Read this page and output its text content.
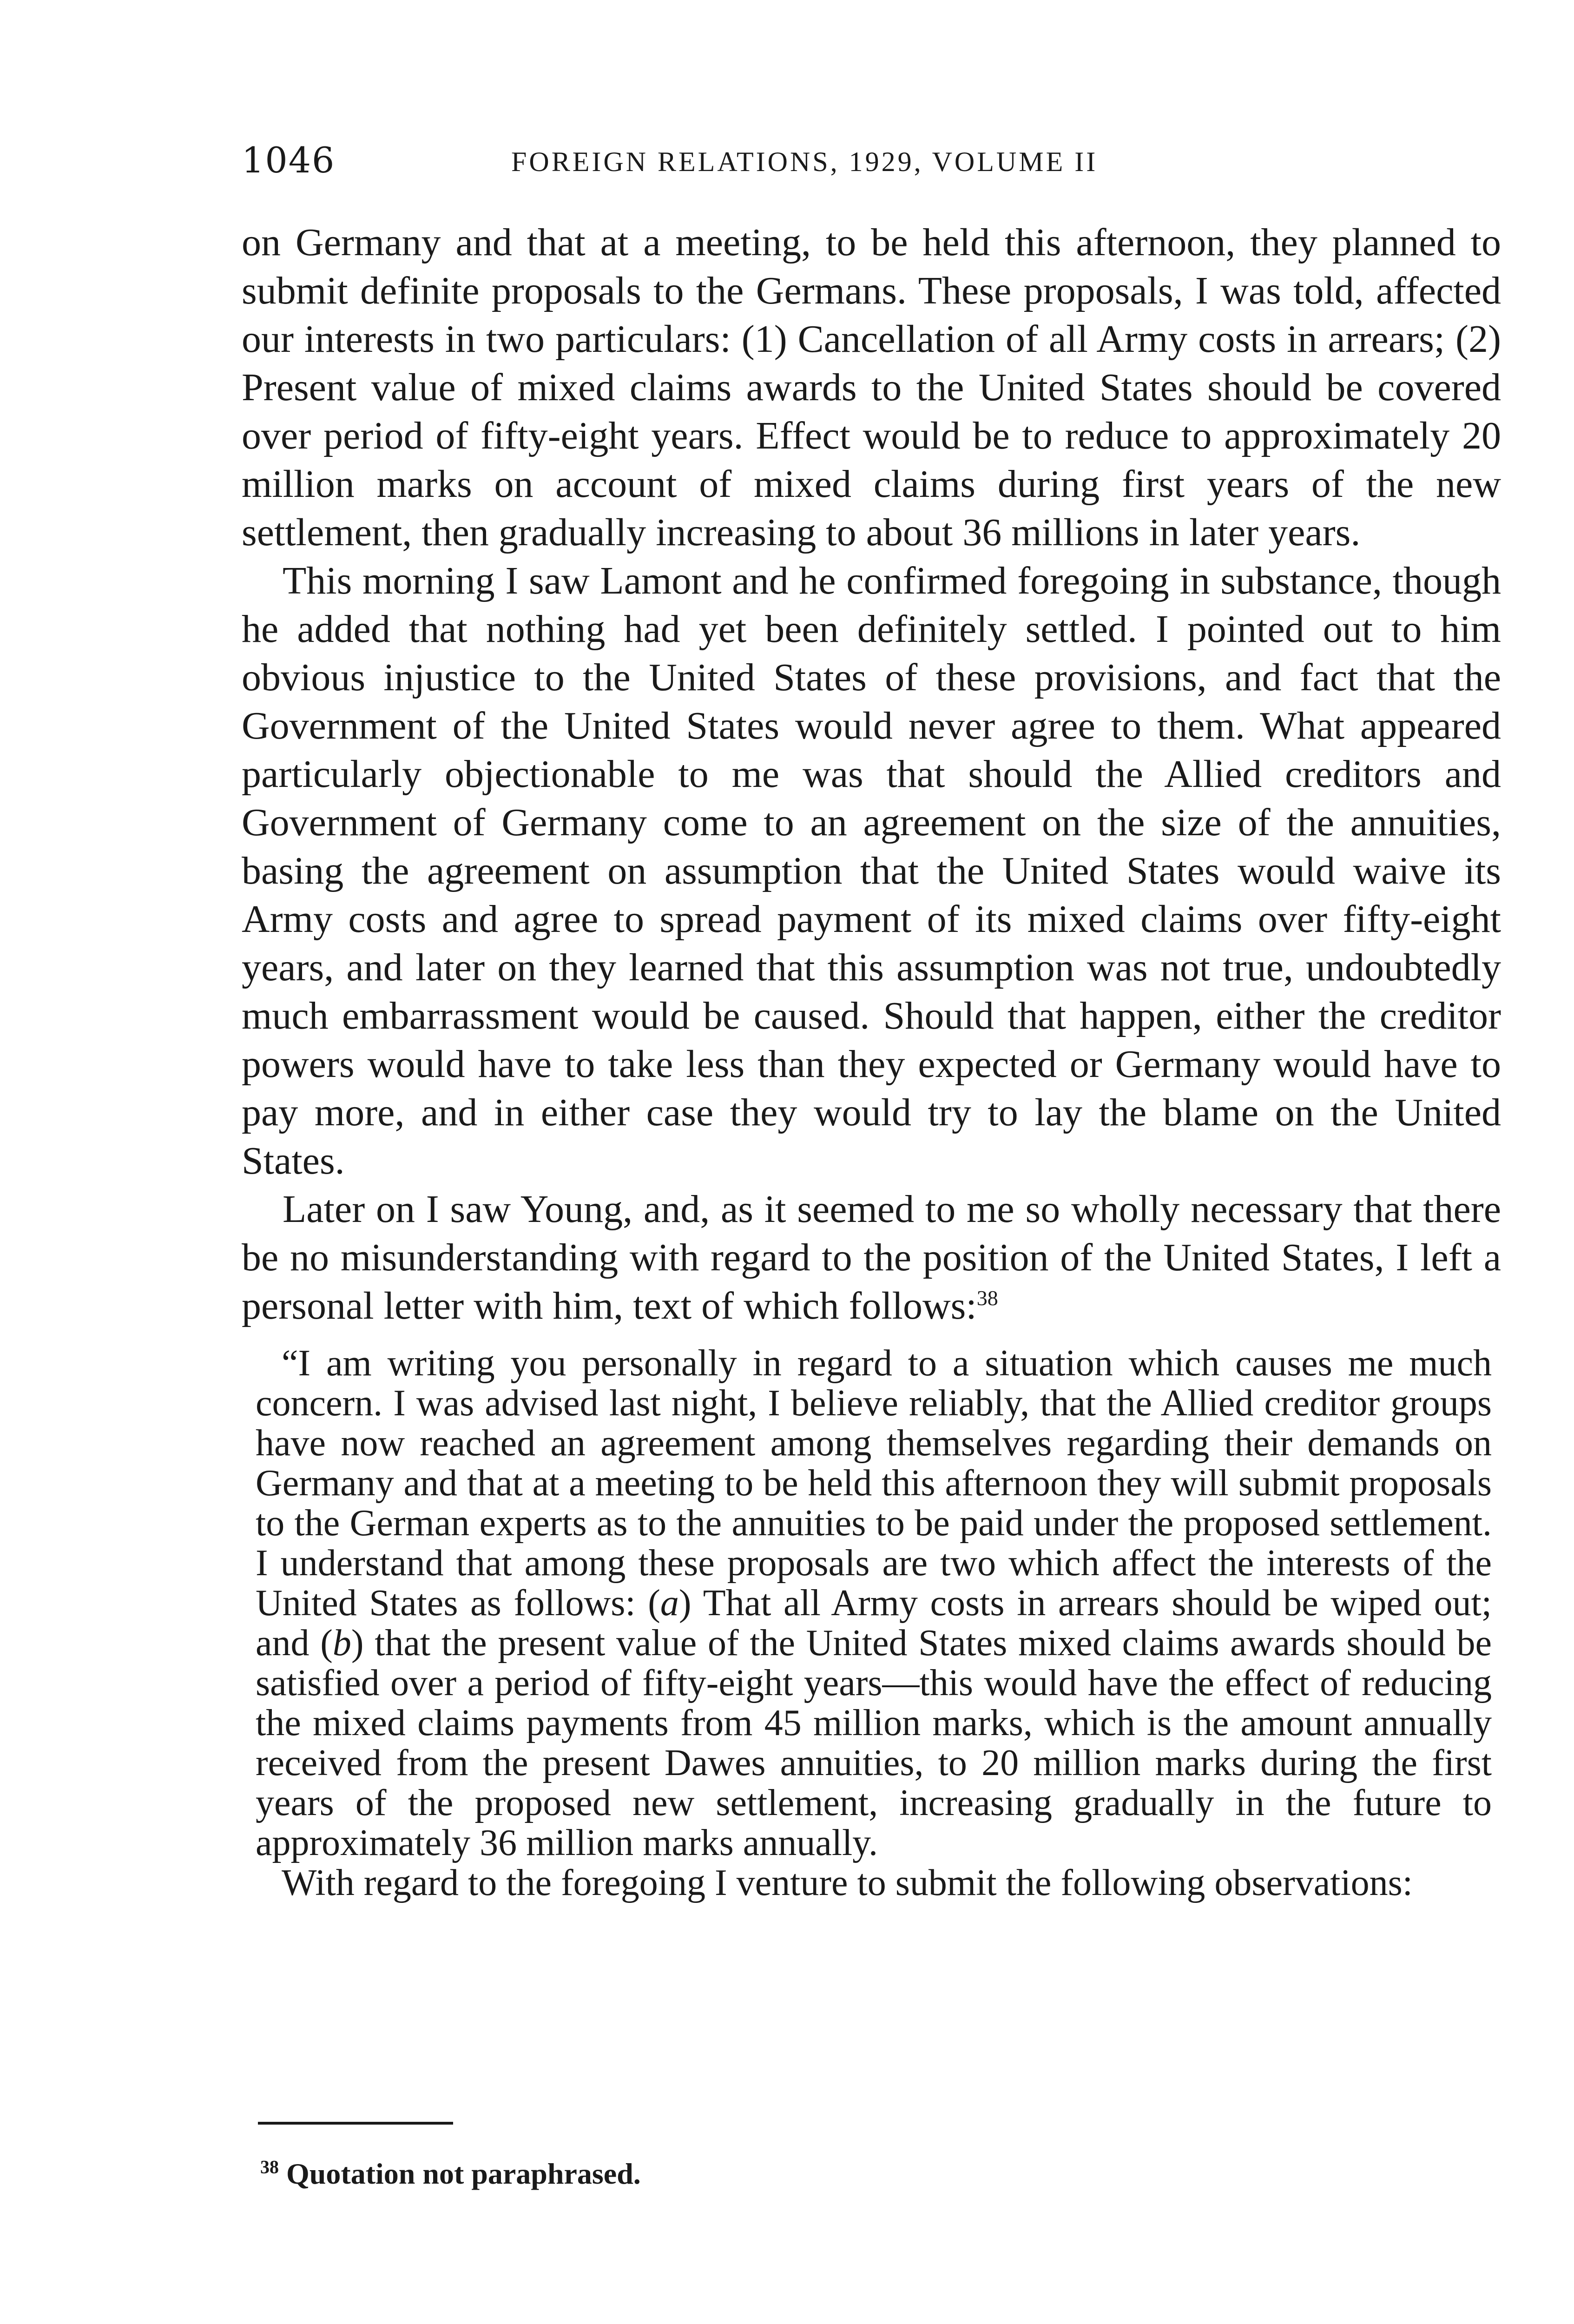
1046	FOREIGN RELATIONS, 1929, VOLUME II

on Germany and that at a meeting, to be held this afternoon, they planned to submit definite proposals to the Germans. These proposals, I was told, affected our interests in two particulars: (1) Cancellation of all Army costs in arrears; (2) Present value of mixed claims awards to the United States should be covered over period of fifty-eight years. Effect would be to reduce to approximately 20 million marks on account of mixed claims during first years of the new settlement, then gradually increasing to about 36 millions in later years.

This morning I saw Lamont and he confirmed foregoing in substance, though he added that nothing had yet been definitely settled. I pointed out to him obvious injustice to the United States of these provisions, and fact that the Government of the United States would never agree to them. What appeared particularly objectionable to me was that should the Allied creditors and Government of Germany come to an agreement on the size of the annuities, basing the agreement on assumption that the United States would waive its Army costs and agree to spread payment of its mixed claims over fifty-eight years, and later on they learned that this assumption was not true, undoubtedly much embarrassment would be caused. Should that happen, either the creditor powers would have to take less than they expected or Germany would have to pay more, and in either case they would try to lay the blame on the United States.

Later on I saw Young, and, as it seemed to me so wholly necessary that there be no misunderstanding with regard to the position of the United States, I left a personal letter with him, text of which follows:$^{38}$

“I am writing you personally in regard to a situation which causes me much concern. I was advised last night, I believe reliably, that the Allied creditor groups have now reached an agreement among themselves regarding their demands on Germany and that at a meeting to be held this afternoon they will submit proposals to the German experts as to the annuities to be paid under the proposed settlement. I understand that among these proposals are two which affect the interests of the United States as follows: (a) That all Army costs in arrears should be wiped out; and (b) that the present value of the United States mixed claims awards should be satisfied over a period of fifty-eight years—this would have the effect of reducing the mixed claims payments from 45 million marks, which is the amount annually received from the present Dawes annuities, to 20 million marks during the first years of the proposed new settlement, increasing gradually in the future to approximately 36 million marks annually.

With regard to the foregoing I venture to submit the following observations:

$^{38}$ Quotation not paraphrased.
